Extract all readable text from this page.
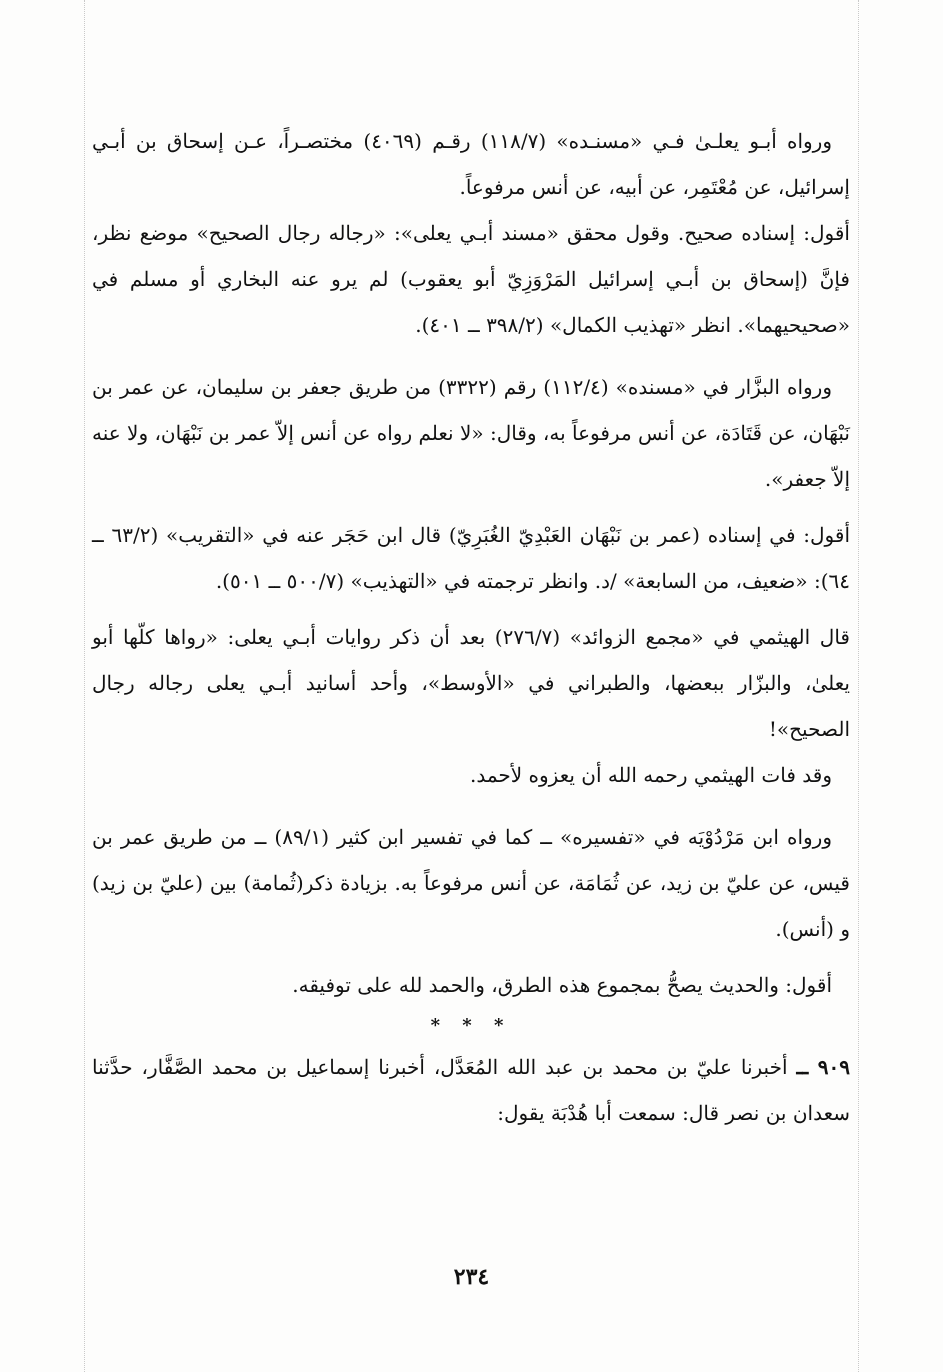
ورواه أبـو يعلـىٰ فـي «مسنـده» (١١٨/٧) رقـم (٤٠٦٩) مختصـراً، عـن إسحاق بن أبـي إسرائيل، عن مُعْتَمِر، عن أبيه، عن أنس مرفوعاً.

أقول: إسناده صحيح. وقول محقق «مسند أبـي يعلى»: «رجاله رجال الصحيح» موضع نظر، فإنَّ (إسحاق بن أبـي إسرائيل المَرْوَزِيّ أبو يعقوب) لم يرو عنه البخاري أو مسلم في «صحيحيهما». انظر «تهذيب الكمال» (٣٩٨/٢ ــ ٤٠١).

ورواه البزَّار في «مسنده» (١١٢/٤) رقم (٣٣٢٢) من طريق جعفر بن سليمان، عن عمر بن نَبْهَان، عن قَتَادَة، عن أنس مرفوعاً به، وقال: «لا نعلم رواه عن أنس إلاّ عمر بن نَبْهَان، ولا عنه إلاّ جعفر».

أقول: في إسناده (عمر بن نَبْهَان العَبْدِيّ الغُبَرِيّ) قال ابن حَجَر عنه في «التقريب» (٦٣/٢ ــ ٦٤): «ضعيف، من السابعة» /د. وانظر ترجمته في «التهذيب» (٥٠٠/٧ ــ ٥٠١).

قال الهيثمي في «مجمع الزوائد» (٢٧٦/٧) بعد أن ذكر روايات أبـي يعلى: «رواها كلّها أبو يعلىٰ، والبزّار ببعضها، والطبراني في «الأوسط»، وأحد أسانيد أبـي يعلى رجاله رجال الصحيح»!

وقد فات الهيثمي رحمه الله أن يعزوه لأحمد.

ورواه ابن مَرْدُوْيَه في «تفسيره» ــ كما في تفسير ابن كثير (٨٩/١) ــ من طريق عمر بن قيس، عن عليّ بن زيد، عن ثُمَامَة، عن أنس مرفوعاً به. بزيادة ذكر(ثُمامة) بين (عليّ بن زيد) و (أنس).

أقول: والحديث يصحُّ بمجموع هذه الطرق، والحمد لله على توفيقه.

* * *

٩٠٩ ــ أخبرنا عليّ بن محمد بن عبد الله المُعَدَّل، أخبرنا إسماعيل بن محمد الصَّفَّار، حدَّثنا سعدان بن نصر قال: سمعت أبا هُدْبَة يقول:

٢٣٤
